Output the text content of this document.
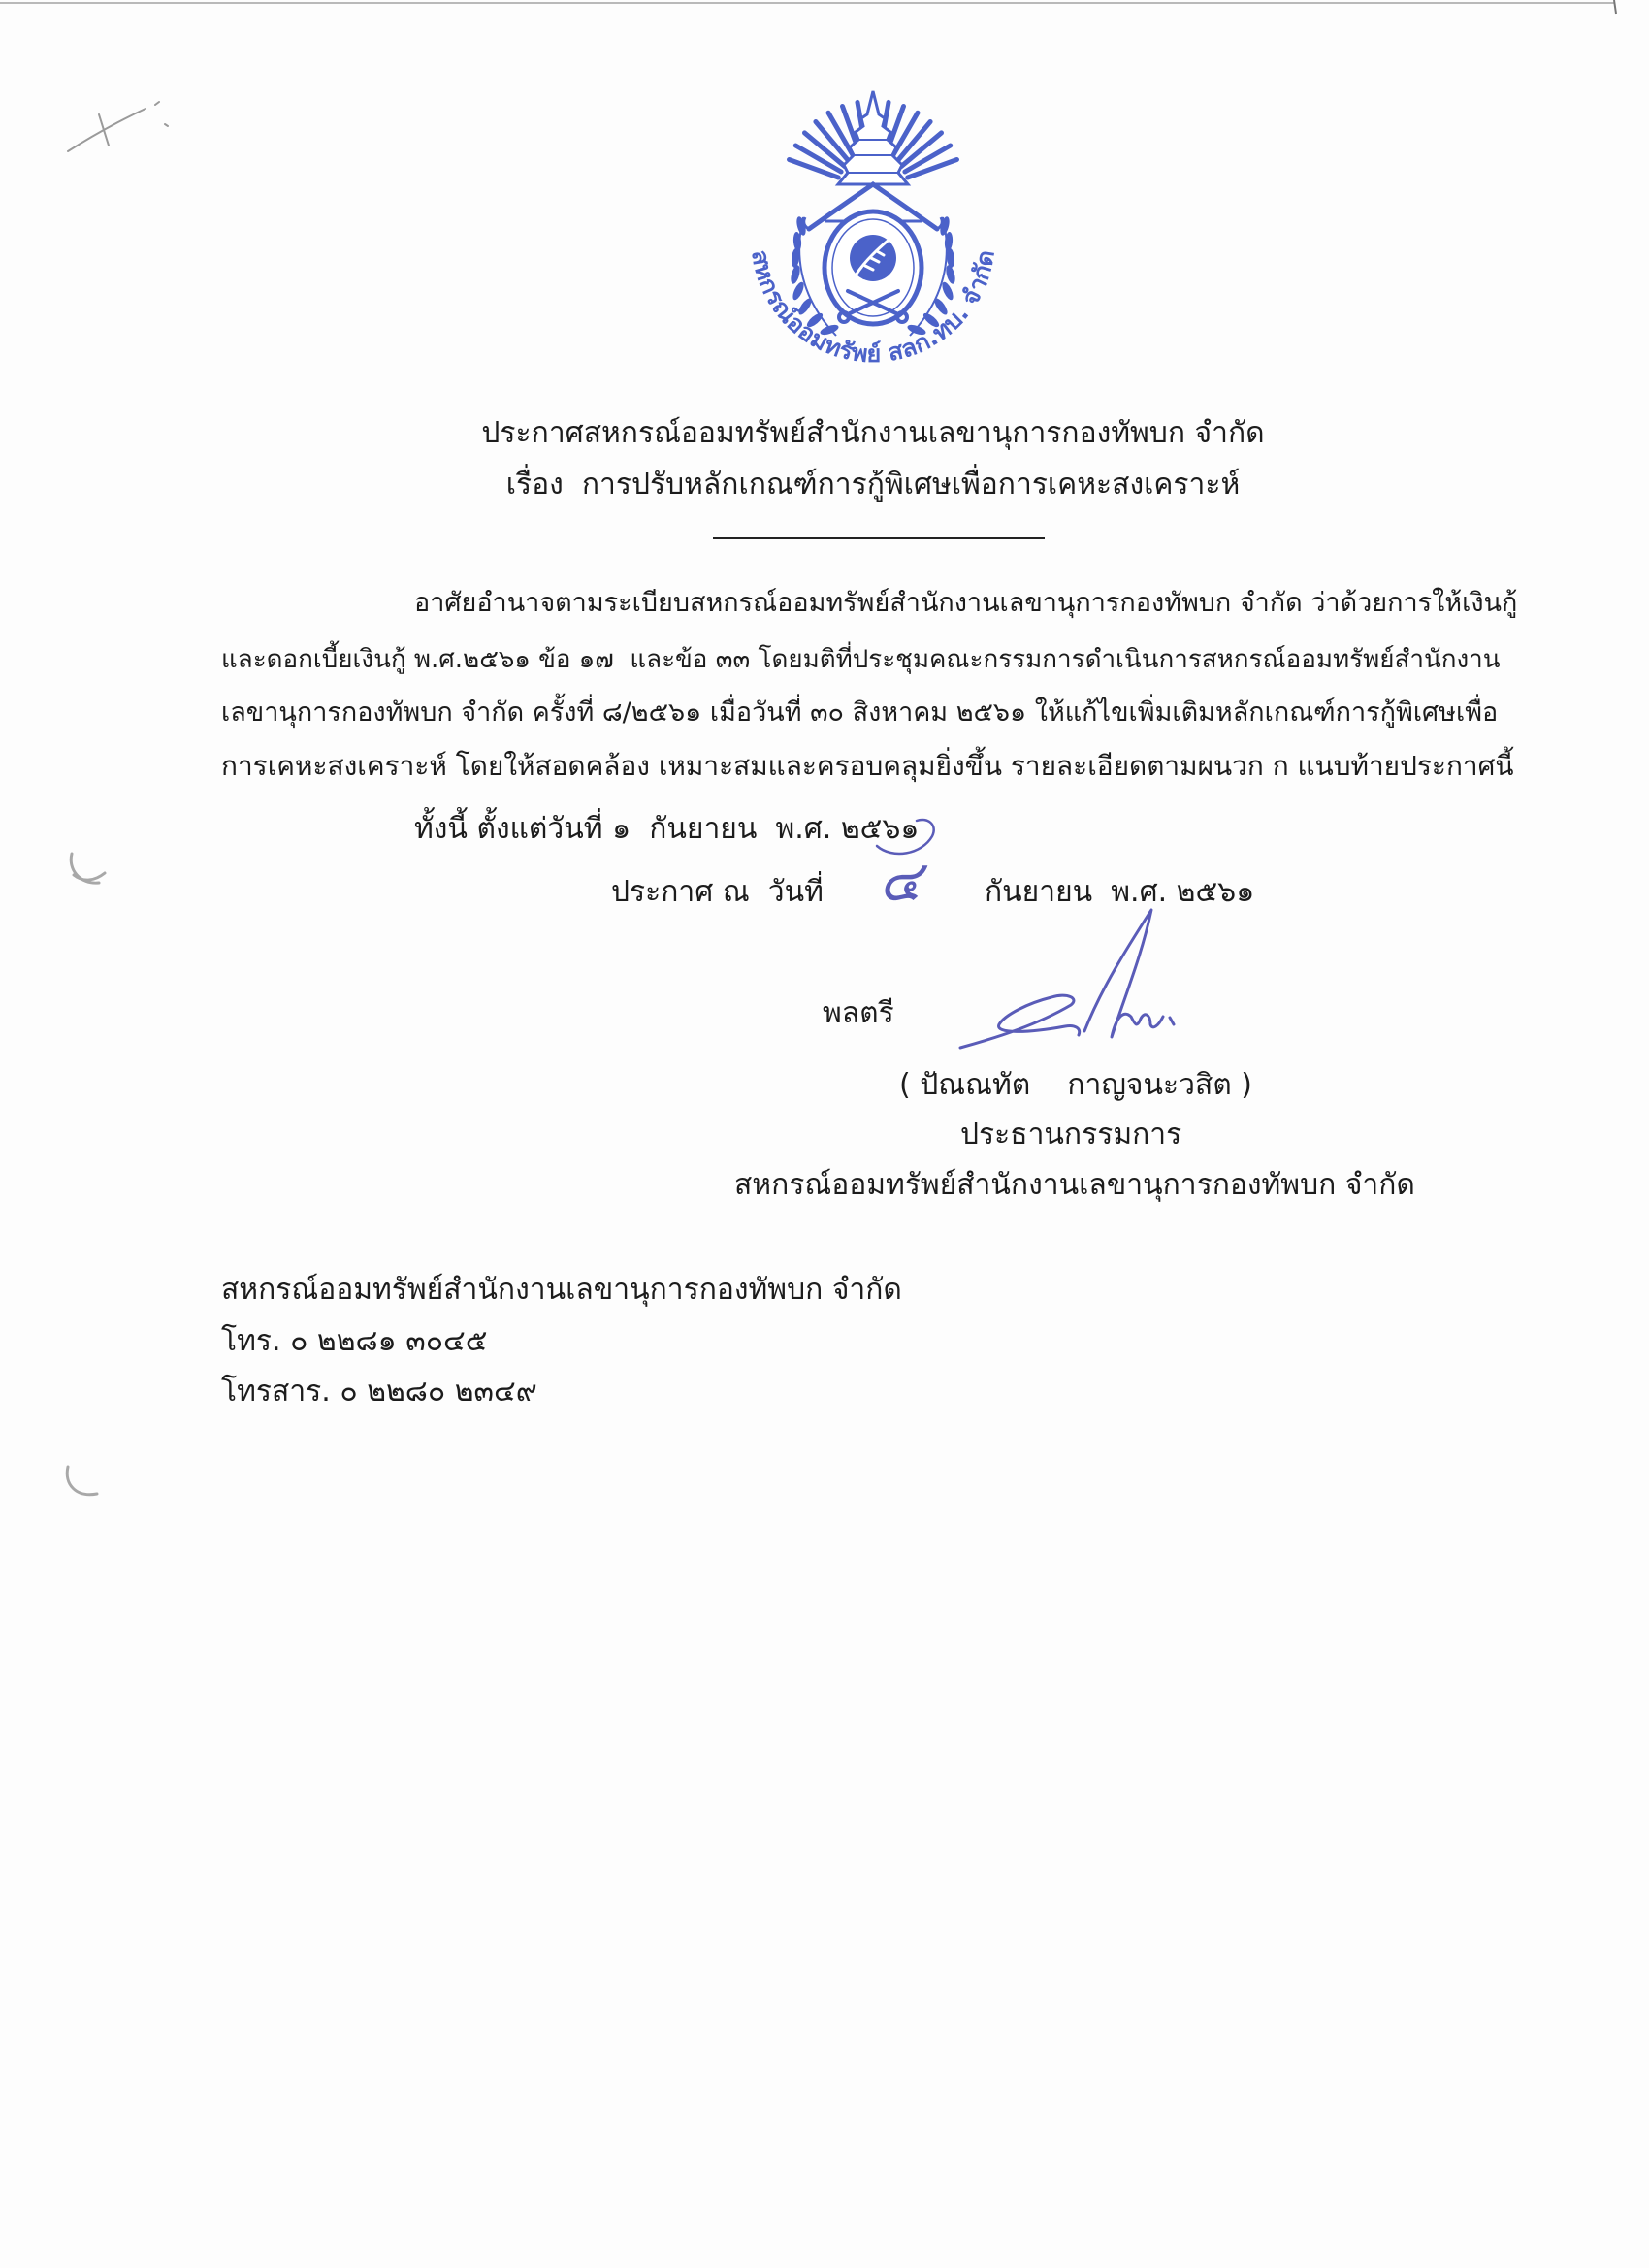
สหกรณ์ออมทรัพย์ สลก.ทบ. จำกัด
ประกาศสหกรณ์ออมทรัพย์สำนักงานเลขานุการกองทัพบก จำกัด
เรื่อง การปรับหลักเกณฑ์การกู้พิเศษเพื่อการเคหะสงเคราะห์
อาศัยอำนาจตามระเบียบสหกรณ์ออมทรัพย์สำนักงานเลขานุการกองทัพบก จำกัด ว่าด้วยการให้เงินกู้
และดอกเบี้ยเงินกู้ พ.ศ.๒๕๖๑ ข้อ ๑๗  และข้อ ๓๓ โดยมติที่ประชุมคณะกรรมการดำเนินการสหกรณ์ออมทรัพย์สำนักงาน
เลขานุการกองทัพบก จำกัด ครั้งที่ ๘/๒๕๖๑ เมื่อวันที่ ๓๐ สิงหาคม ๒๕๖๑ ให้แก้ไขเพิ่มเติมหลักเกณฑ์การกู้พิเศษเพื่อ
การเคหะสงเคราะห์ โดยให้สอดคล้อง เหมาะสมและครอบคลุมยิ่งขึ้น รายละเอียดตามผนวก ก แนบท้ายประกาศนี้
ทั้งนี้ ตั้งแต่วันที่ ๑  กันยายน  พ.ศ. ๒๕๖๑
ประกาศ ณ  วันที่ ๔ กันยายน  พ.ศ. ๒๕๖๑
พลตรี
( ปัณณทัต    กาญจนะวสิต )
ประธานกรรมการ
สหกรณ์ออมทรัพย์สำนักงานเลขานุการกองทัพบก จำกัด
สหกรณ์ออมทรัพย์สำนักงานเลขานุการกองทัพบก จำกัด
โทร. ๐ ๒๒๘๑ ๓๐๔๕
โทรสาร. ๐ ๒๒๘๐ ๒๓๔๙
